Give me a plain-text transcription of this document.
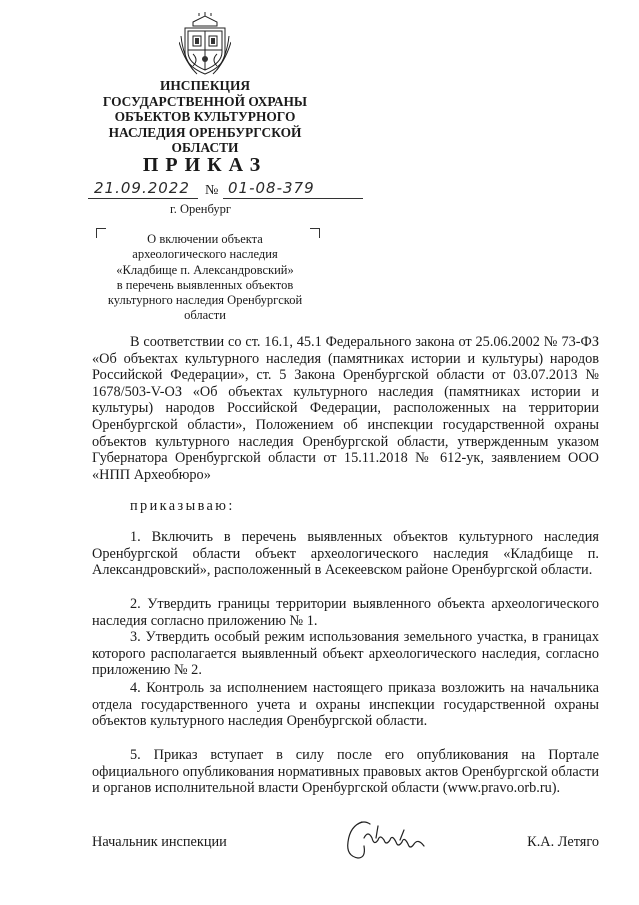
ИНСПЕКЦИЯ
ГОСУДАРСТВЕННОЙ ОХРАНЫ
ОБЪЕКТОВ КУЛЬТУРНОГО
НАСЛЕДИЯ ОРЕНБУРГСКОЙ
ОБЛАСТИ
ПРИКАЗ
21.09.2022 № 01-08-379
г. Оренбург
О включении объекта
археологического наследия
«Кладбище п. Александровский»
в перечень выявленных объектов
культурного наследия Оренбургской
области
В соответствии со ст. 16.1, 45.1 Федерального закона от 25.06.2002 № 73-ФЗ «Об объектах культурного наследия (памятниках истории и культуры) народов Российской Федерации», ст. 5 Закона Оренбургской области от 03.07.2013 № 1678/503-V-ОЗ «Об объектах культурного наследия (памятниках истории и культуры) народов Российской Федерации, расположенных на территории Оренбургской области», Положением об инспекции государственной охраны объектов культурного наследия Оренбургской области, утвержденным указом Губернатора Оренбургской области от 15.11.2018 № 612-ук, заявлением ООО «НПП Археобюро»
приказываю:
1. Включить в перечень выявленных объектов культурного наследия Оренбургской области объект археологического наследия «Кладбище п. Александровский», расположенный в Асекеевском районе Оренбургской области.
2. Утвердить границы территории выявленного объекта археологического наследия согласно приложению № 1.
3. Утвердить особый режим использования земельного участка, в границах которого располагается выявленный объект археологического наследия, согласно приложению № 2.
4. Контроль за исполнением настоящего приказа возложить на начальника отдела государственного учета и охраны инспекции государственной охраны объектов культурного наследия Оренбургской области.
5. Приказ вступает в силу после его опубликования на Портале официального опубликования нормативных правовых актов Оренбургской области и органов исполнительной власти Оренбургской области (www.pravo.orb.ru).
Начальник инспекции	К.А. Летяго
